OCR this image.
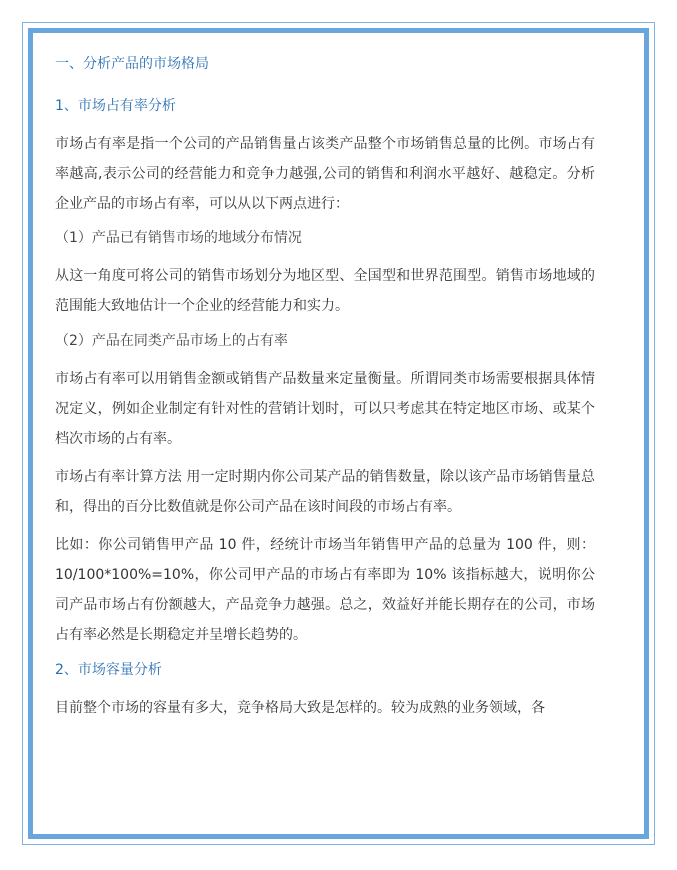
一、分析产品的市场格局

1、市场占有率分析

市场占有率是指一个公司的产品销售量占该类产品整个市场销售总量的比例。市场占有率越高,表示公司的经营能力和竞争力越强,公司的销售和利润水平越好、越稳定。分析企业产品的市场占有率，可以从以下两点进行：

（1）产品已有销售市场的地域分布情况

从这一角度可将公司的销售市场划分为地区型、全国型和世界范围型。销售市场地域的范围能大致地估计一个企业的经营能力和实力。

（2）产品在同类产品市场上的占有率

市场占有率可以用销售金额或销售产品数量来定量衡量。所谓同类市场需要根据具体情况定义，例如企业制定有针对性的营销计划时，可以只考虑其在特定地区市场、或某个档次市场的占有率。

市场占有率计算方法 用一定时期内你公司某产品的销售数量，除以该产品市场销售量总和，得出的百分比数值就是你公司产品在该时间段的市场占有率。

比如：你公司销售甲产品 10 件，经统计市场当年销售甲产品的总量为 100 件，则：10/100*100%=10%，你公司甲产品的市场占有率即为 10% 该指标越大，说明你公司产品市场占有份额越大，产品竞争力越强。总之，效益好并能长期存在的公司，市场占有率必然是长期稳定并呈增长趋势的。

2、市场容量分析

目前整个市场的容量有多大，竞争格局大致是怎样的。较为成熟的业务领域，各
